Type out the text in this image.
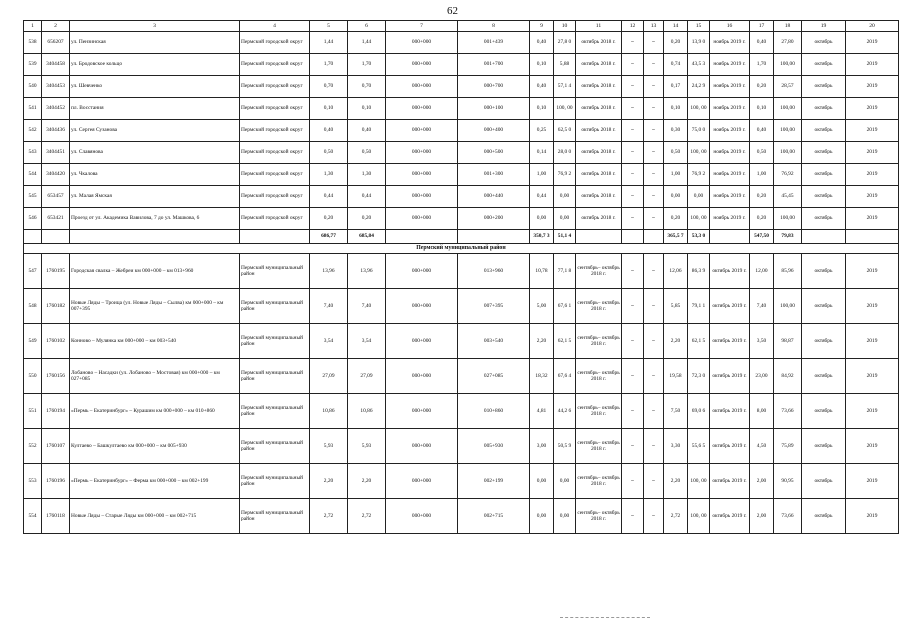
62
1	2	3	4	5	6	7	8	9	10	11	12	13	14	15	16	17	18	19	20
538	656207	ул. Пензинская	Пермский городской округ	1,44	1,44	000+000	001+439	0,40	27,8 0	октябрь 2018 г.	–	–	0,20	13,9 0	ноябрь 2019 г.	0,40	27,80	октябрь	2019
539	3404458	ул. Бродовское кольцо	Пермский городской округ	1,70	1,70	000+000	001+700	0,10	5,88	октябрь 2018 г.	–	–	0,74	43,5 3	ноябрь 2019 г.	1,70	100,00	октябрь	2019
540	3404453	ул. Шевченко	Пермский городской округ	0,70	0,70	000+000	000+700	0,40	57,1 4	октябрь 2018 г.	–	–	0,17	24,2 9	ноябрь 2019 г.	0,20	28,57	октябрь	2019
541	3404452	пл. Восстания	Пермский городской округ	0,10	0,10	000+000	000+100	0,10	100, 00	октябрь 2018 г.	–	–	0,10	100, 00	ноябрь 2019 г.	0,10	100,00	октябрь	2019
542	3404436	ул. Сергея Сузанова	Пермский городской округ	0,40	0,40	000+000	000+400	0,25	62,5 0	октябрь 2018 г.	–	–	0,30	75,0 0	ноябрь 2019 г.	0,40	100,00	октябрь	2019
543	3404451	ул. Славянова	Пермский городской округ	0,50	0,50	000+000	000+500	0,14	28,0 0	октябрь 2018 г.	–	–	0,50	100, 00	ноябрь 2019 г.	0,50	100,00	октябрь	2019
544	3404420	ул. Чкалова	Пермский городской округ	1,30	1,30	000+000	001+300	1,00	76,9 2	октябрь 2018 г.	–	–	1,00	76,9 2	ноябрь 2019 г.	1,00	76,92	октябрь	2019
545	653457	ул. Малая Ямская	Пермский городской округ	0,44	0,44	000+000	000+440	0,44	0,00	октябрь 2018 г.	–	–	0,00	0,00	ноябрь 2019 г.	0,20	45,45	октябрь	2019
546	653421	Проезд от ул. Академика Вавилова, 7 до ул. Машкова, 6	Пермский городской округ	0,20	0,20	000+000	000+200	0,00	0,00	октябрь 2018 г.	–	–	0,20	100, 00	ноябрь 2019 г.	0,20	100,00	октябрь	2019
				686,77	685,84			350,7 3	51,1 4				365,5 7	53,3 0		547,50	79,83		
Пермский муниципальный район																			
547	1760195	Городская свалка – Жебреи км 000+000 – км 013+960	Пермский муниципальный район	13,96	13,96	000+000	013+960	10,78	77,1 8	сентябрь– октябрь 2018 г.	–	–	12,06	86,3 9	октябрь 2019 г.	12,00	85,96	октябрь	2019
548	1760182	Новые Ляды – Троица (ул. Новые Ляды – Сылва) км 000+000 – км 007+395	Пермский муниципальный район	7,40	7,40	000+000	007+395	5,00	67,6 1	сентябрь– октябрь 2018 г.	–	–	5,85	79,1 1	октябрь 2019 г.	7,40	100,00	октябрь	2019
549	1760102	Конново – Мулянка км 000+000 – км 003+540	Пермский муниципальный район	3,54	3,54	000+000	003+540	2,20	62,1 5	сентябрь– октябрь 2018 г.	–	–	2,20	62,1 5	октябрь 2019 г.	3,50	98,87	октябрь	2019
550	1760156	Лобаново – Насадки (ул. Лобаново – Мостовая) км 000+000 – км 027+085	Пермский муниципальный район	27,09	27,09	000+000	027+085	18,32	67,6 4	сентябрь– октябрь 2018 г.	–	–	19,58	72,3 0	октябрь 2019 г.	23,00	84,92	октябрь	2019
551	1760194	«Пермь – Екатеринбург» – Курашим км 000+000 – км 010+860	Пермский муниципальный район	10,86	10,86	000+000	010+860	4,81	44,2 6	сентябрь– октябрь 2018 г.	–	–	7,50	69,0 6	октябрь 2019 г.	8,00	73,66	октябрь	2019
552	1760107	Култаево – Башкултаево км 000+000 – км 005+930	Пермский муниципальный район	5,93	5,93	000+000	005+930	3,00	50,5 9	сентябрь– октябрь 2018 г.	–	–	3,30	55,6 5	октябрь 2019 г.	4,50	75,89	октябрь	2019
553	1760196	«Пермь – Екатеринбург» – Ферма км 000+000 – км 002+199	Пермский муниципальный район	2,20	2,20	000+000	002+199	0,00	0,00	сентябрь– октябрь 2018 г.	–	–	2,20	100, 00	октябрь 2019 г.	2,00	90,95	октябрь	2019
554	1760118	Новые Ляды – Старые Ляды км 000+000 – км 002+715	Пермский муниципальный район	2,72	2,72	000+000	002+715	0,00	0,00	сентябрь– октябрь 2018 г.	–	–	2,72	100, 00	октябрь 2019 г.	2,00	73,66	октябрь	2019
